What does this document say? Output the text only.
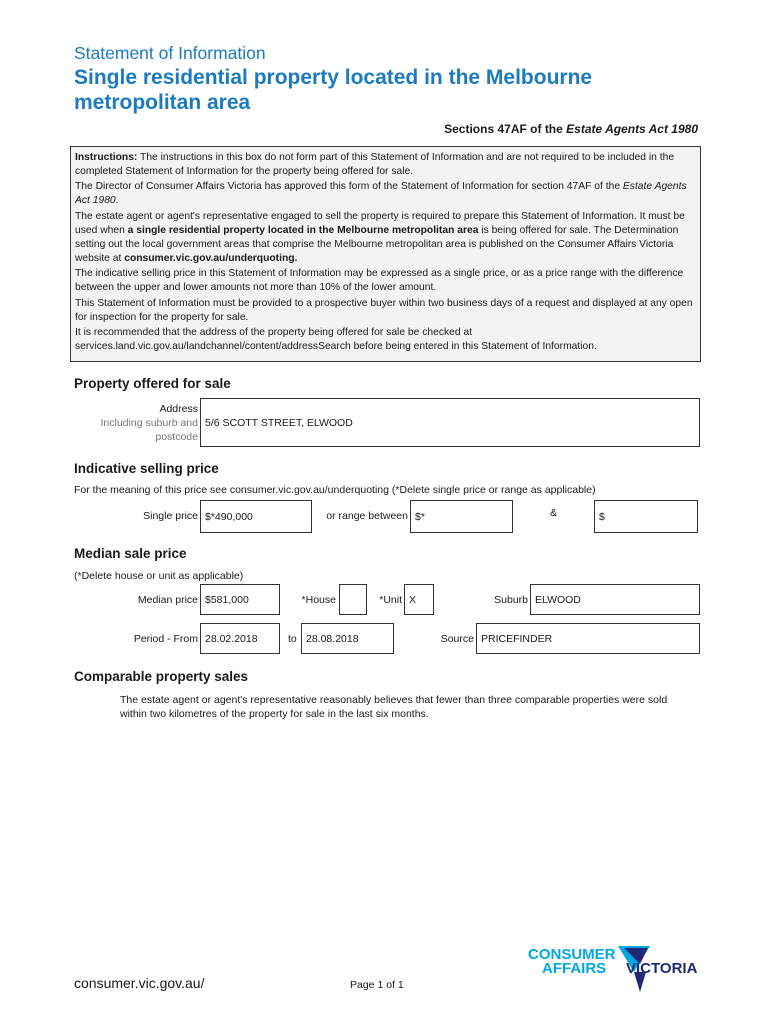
Statement of Information
Single residential property located in the Melbourne metropolitan area
Sections 47AF of the Estate Agents Act 1980

Instructions: The instructions in this box do not form part of this Statement of Information and are not required to be included in the completed Statement of Information for the property being offered for sale.

The Director of Consumer Affairs Victoria has approved this form of the Statement of Information for section 47AF of the Estate Agents Act 1980.

The estate agent or agent's representative engaged to sell the property is required to prepare this Statement of Information. It must be used when a single residential property located in the Melbourne metropolitan area is being offered for sale. The Determination setting out the local government areas that comprise the Melbourne metropolitan area is published on the Consumer Affairs Victoria website at consumer.vic.gov.au/underquoting.

The indicative selling price in this Statement of Information may be expressed as a single price, or as a price range with the difference between the upper and lower amounts not more than 10% of the lower amount.

This Statement of Information must be provided to a prospective buyer within two business days of a request and displayed at any open for inspection for the property for sale.

It is recommended that the address of the property being offered for sale be checked at services.land.vic.gov.au/landchannel/content/addressSearch before being entered in this Statement of Information.

Property offered for sale
Address
Including suburb and
postcode
5/6 SCOTT STREET, ELWOOD
Indicative selling price
For the meaning of this price see consumer.vic.gov.au/underquoting (*Delete single price or range as applicable)
Single price $*490,000	or range between $*	&	$
Median sale price
(*Delete house or unit as applicable)
Median price $581,000	*House	*Unit X	Suburb ELWOOD
Period - From 28.02.2018	to 28.08.2018	Source PRICEFINDER
Comparable property sales
The estate agent or agent's representative reasonably believes that fewer than three comparable properties were sold within two kilometres of the property for sale in the last six months.
consumer.vic.gov.au/	Page 1 of 1
CONSUMER
AFFAIRS VICTORIA
